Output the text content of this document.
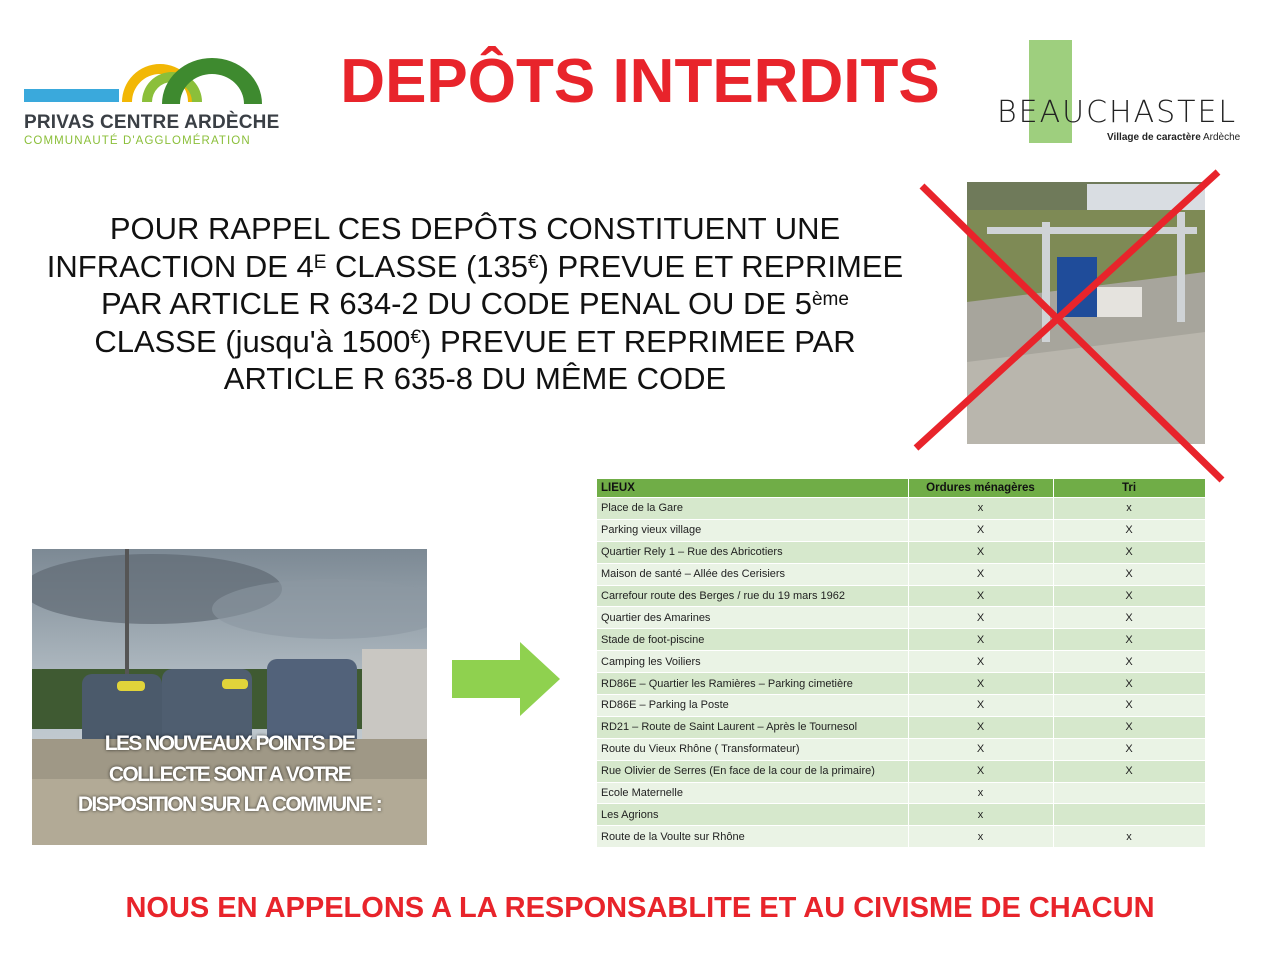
PRIVAS CENTRE ARDÈCHE
COMMUNAUTÉ D'AGGLOMÉRATION
DEPÔTS INTERDITS	BEAUCHASTEL
Village de caractère Ardèche
POUR RAPPEL CES DEPÔTS CONSTITUENT UNE
INFRACTION DE $4^E$ CLASSE (135€) PREVUE ET REPRIMEE
PAR ARTICLE R 634-2 DU CODE PENAL OU DE 5ème
CLASSE (jusqu'à 1500€) PREVUE ET REPRIMEE PAR
ARTICLE R 635-8 DU MÊME CODE
LES NOUVEAUX POINTS DE
COLLECTE SONT A VOTRE
DISPOSITION SUR LA COMMUNE :
LIEUX	Ordures ménagères	Tri
Place de la Gare	x	x
Parking vieux village	X	X
Quartier Rely 1 – Rue des Abricotiers	X	X
Maison de santé – Allée des Cerisiers	X	X
Carrefour route des Berges / rue du 19 mars 1962	X	X
Quartier des Amarines	X	X
Stade de foot-piscine	X	X
Camping les Voiliers	X	X
RD86E – Quartier les Ramières – Parking cimetière	X	X
RD86E – Parking la Poste	X	X
RD21 – Route de Saint Laurent – Après le Tournesol	X	X
Route du Vieux Rhône ( Transformateur)	X	X
Rue Olivier de Serres (En face de la cour de la primaire)	X	X
Ecole Maternelle	x	
Les Agrions	x	
Route de la Voulte sur Rhône	x	x
NOUS EN APPELONS A LA RESPONSABLITE ET AU CIVISME DE CHACUN
